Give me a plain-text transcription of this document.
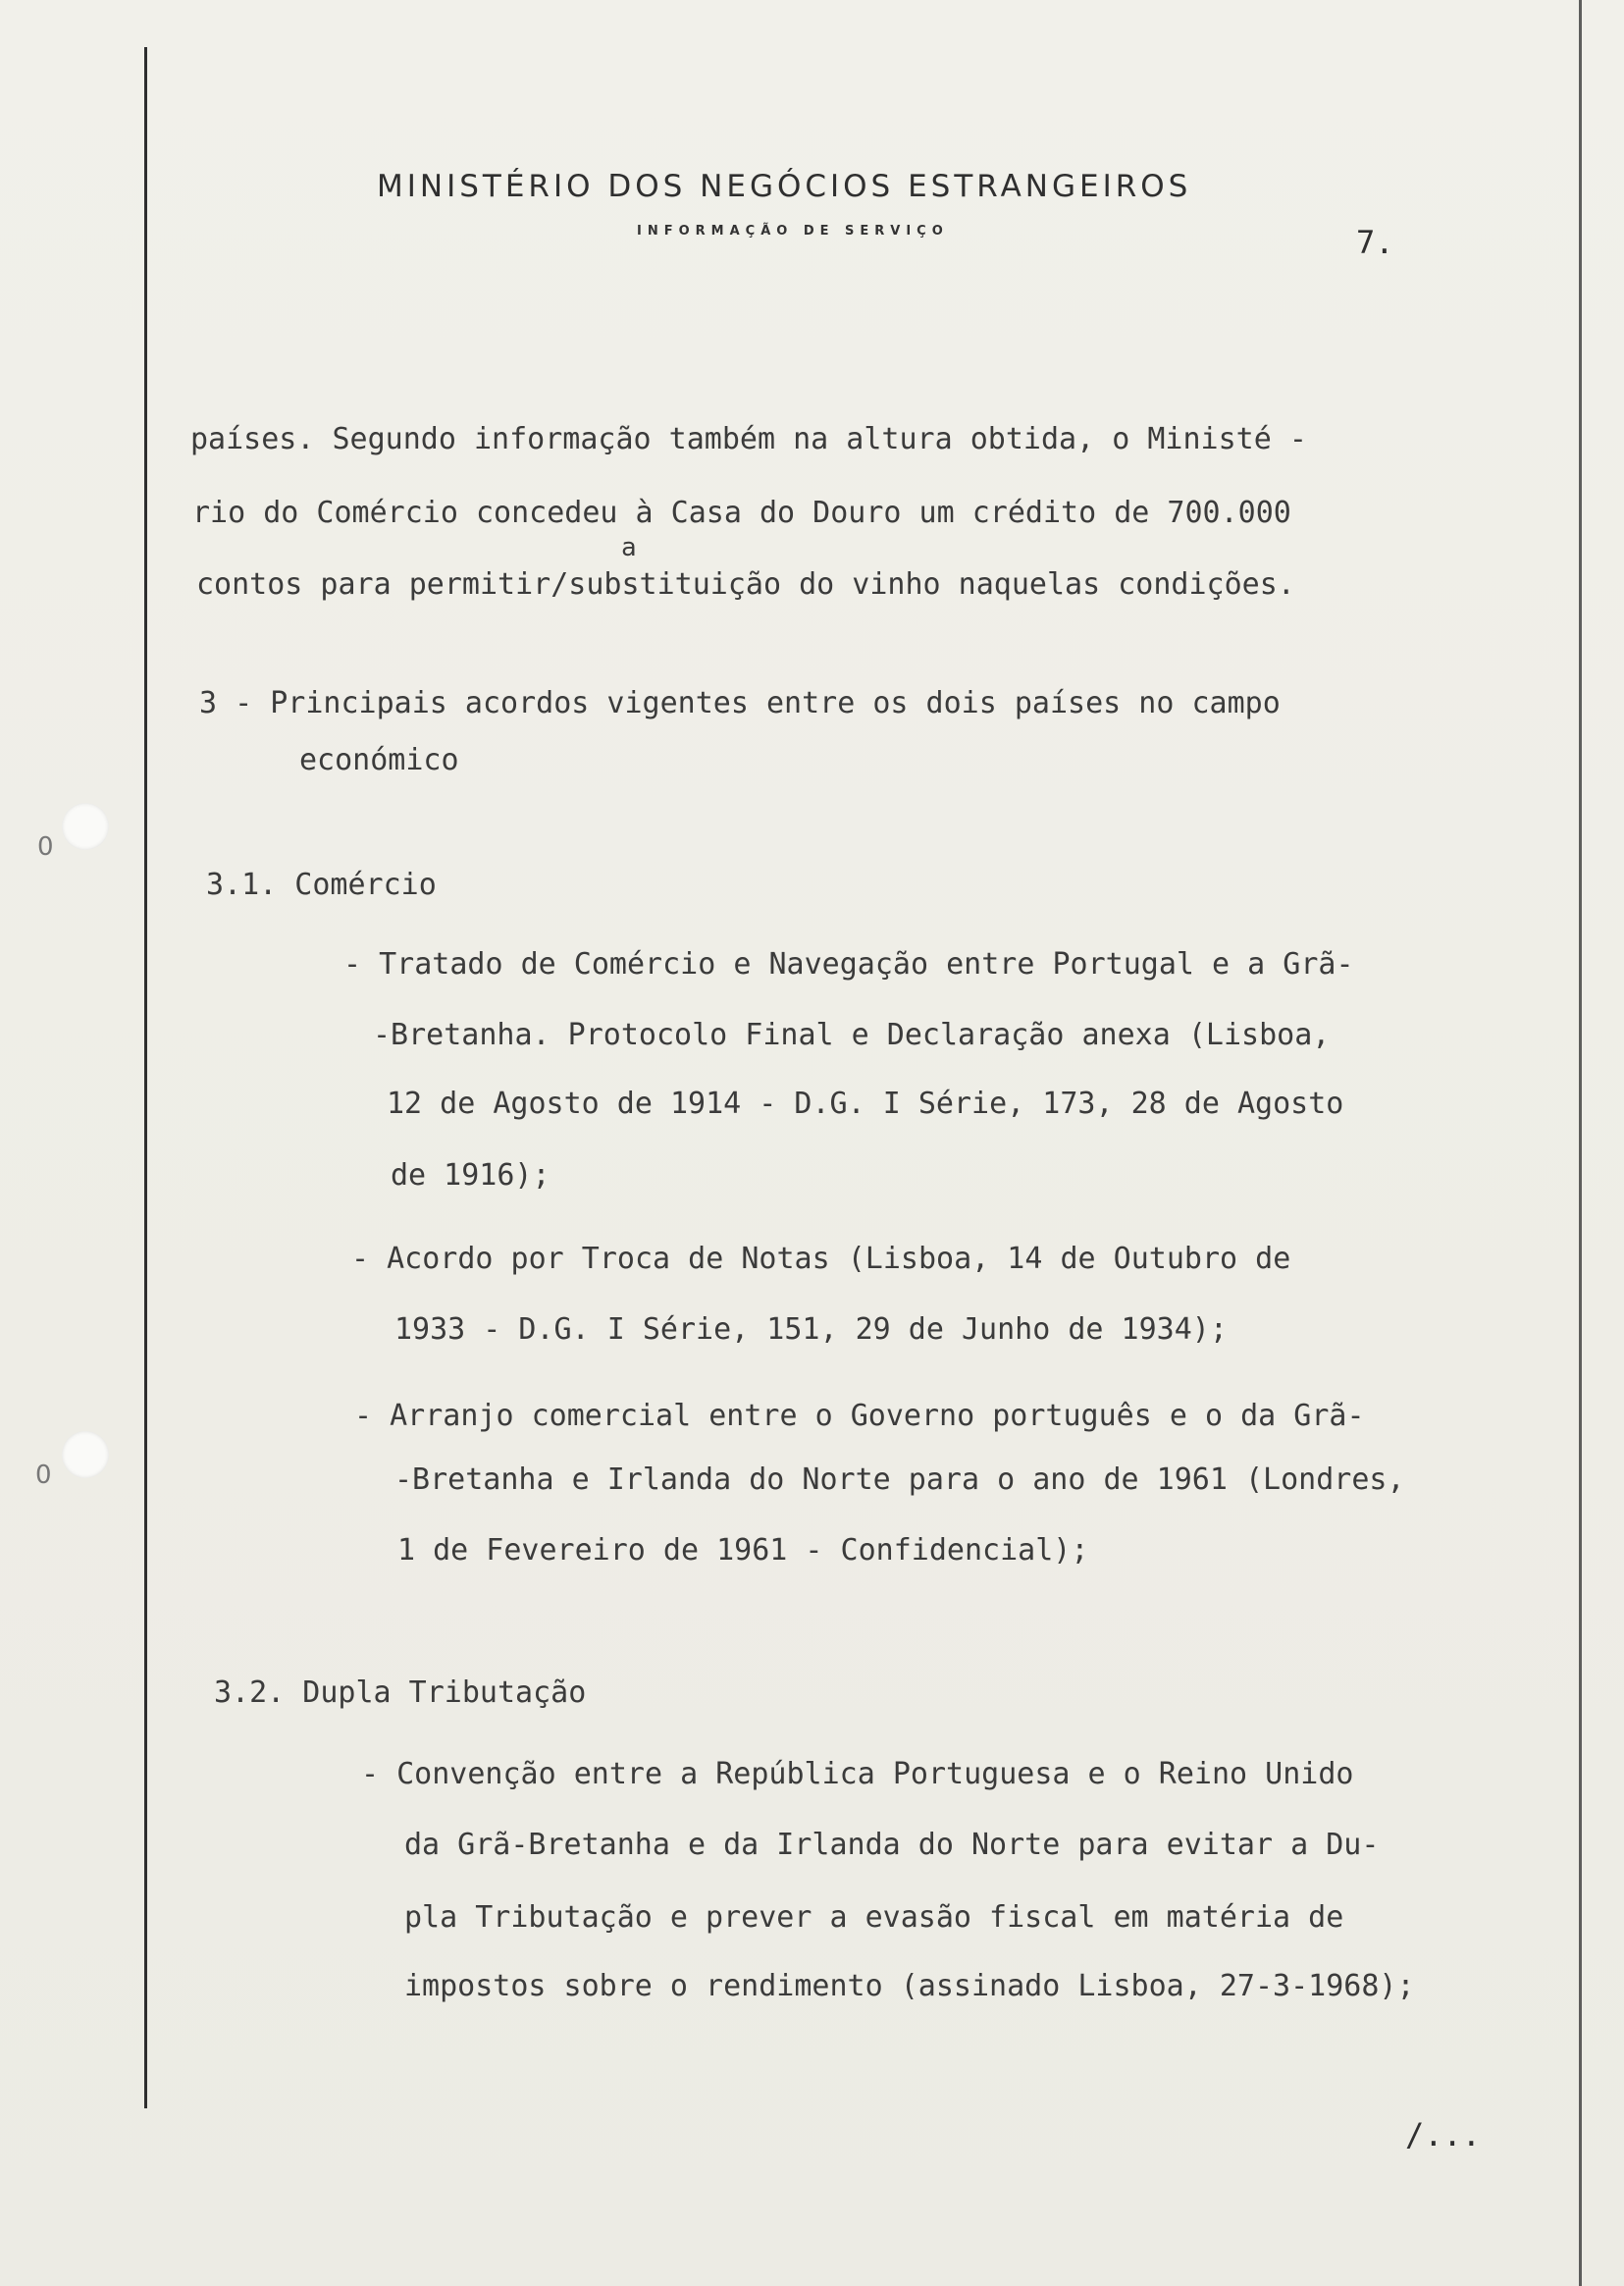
0
0
MINISTÉRIO DOS NEGÓCIOS ESTRANGEIROS
INFORMAÇÃO DE SERVIÇO	7.
países. Segundo informação também na altura obtida, o Ministé -
rio do Comércio concedeu à Casa do Douro um crédito de 700.000
a
contos para permitir/substituição do vinho naquelas condições.
3 - Principais acordos vigentes entre os dois países no campo
económico
3.1. Comércio
- Tratado de Comércio e Navegação entre Portugal e a Grã-
-Bretanha. Protocolo Final e Declaração anexa (Lisboa,
12 de Agosto de 1914 - D.G. I Série, 173, 28 de Agosto
de 1916);
- Acordo por Troca de Notas (Lisboa, 14 de Outubro de
1933 - D.G. I Série, 151, 29 de Junho de 1934);
- Arranjo comercial entre o Governo português e o da Grã-
-Bretanha e Irlanda do Norte para o ano de 1961 (Londres,
1 de Fevereiro de 1961 - Confidencial);
3.2. Dupla Tributação
- Convenção entre a República Portuguesa e o Reino Unido
da Grã-Bretanha e da Irlanda do Norte para evitar a Du-
pla Tributação e prever a evasão fiscal em matéria de
impostos sobre o rendimento (assinado Lisboa, 27-3-1968);
/...
